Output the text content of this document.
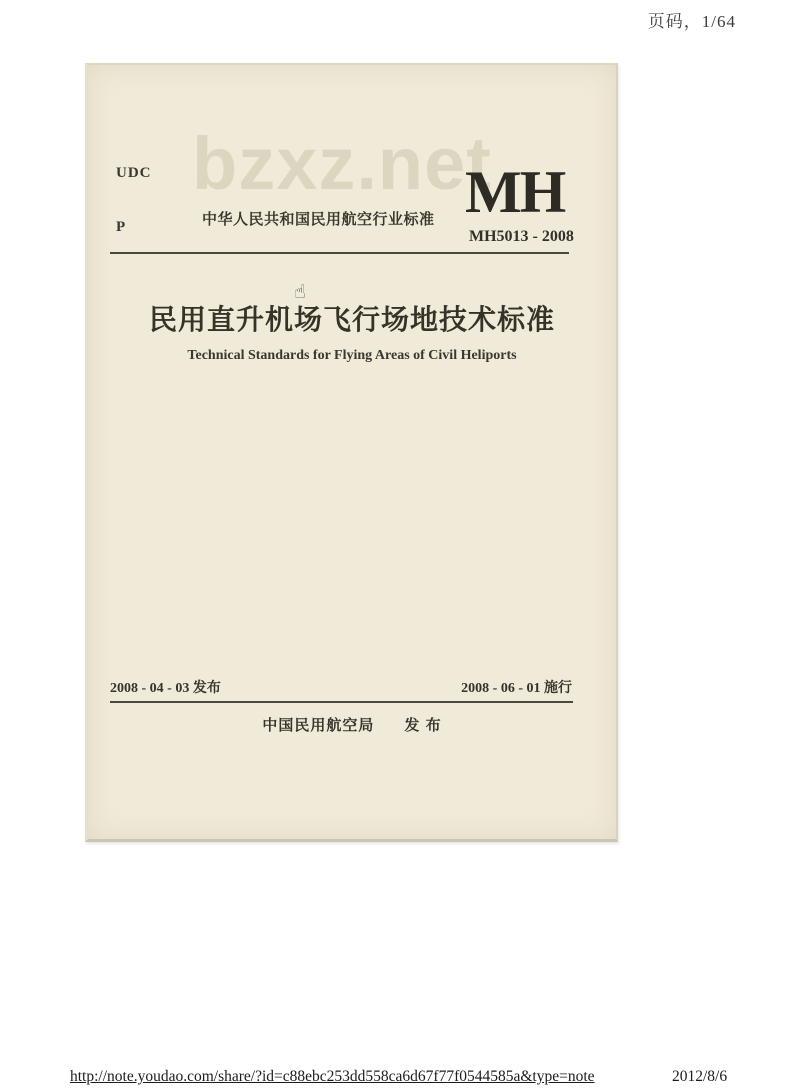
页码，1/64
bzxz.net
UDC
P	中华人民共和国民用航空行业标准 MH
MH5013 - 2008
☝
民用直升机场飞行场地技术标准
Technical Standards for Flying Areas of Civil Heliports
2008 - 04 - 03 发布	2008 - 06 - 01 施行
中国民用航空局 发 布
http://note.youdao.com/share/?id=c88ebc253dd558ca6d67f77f0544585a&type=note	2012/8/6
